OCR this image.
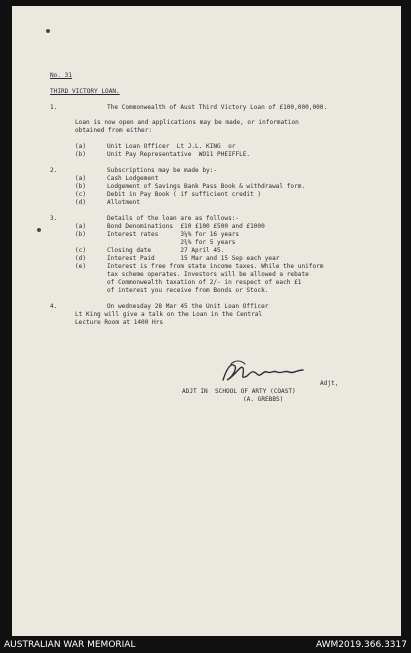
No. 31
THIRD VICTORY LOAN.
1.	The Commonwealth of Aust Third Victory Loan of £100,000,000.
Loan is now open and applications may be made, or information
obtained from either:
(a)	Unit Loan Officer  Lt J.L. KING  or
(b)	Unit Pay Representative  WO11 PHEIFFLE.
2.	Subscriptions may be made by:-
(a)	Cash Lodgement
(b)	Lodgement of Savings Bank Pass Book & withdrawal form.
(c)	Debit in Pay Book ( if sufficient credit )
(d)	Allotment
3.	Details of the loan are as follows:-
(a)	Bond Denominations  £10 £100 £500 and £1000
(b)	Interest rates      3¼% for 16 years
2¾% for 5 years
(c)	Closing date        27 April 45.
(d)	Interest Paid       15 Mar and 15 Sep each year
(e)	Interest is free from state income taxes. While the uniform
tax scheme operates. Investors will be allowed a rebate
of Commonwealth taxation of 2/- in respect of each £1
of interest you receive from Bonds or Stock.
4.	On wednesday 28 Mar 45 the Unit Loan Officer
Lt King will give a talk on the Loan in the Central
Lecture Room at 1400 Hrs
Adjt,
ADJT IN  SCHOOL OF ARTY (COAST)
(A. GREBBS)
AUSTRALIAN WAR MEMORIAL	AWM2019.366.3317
